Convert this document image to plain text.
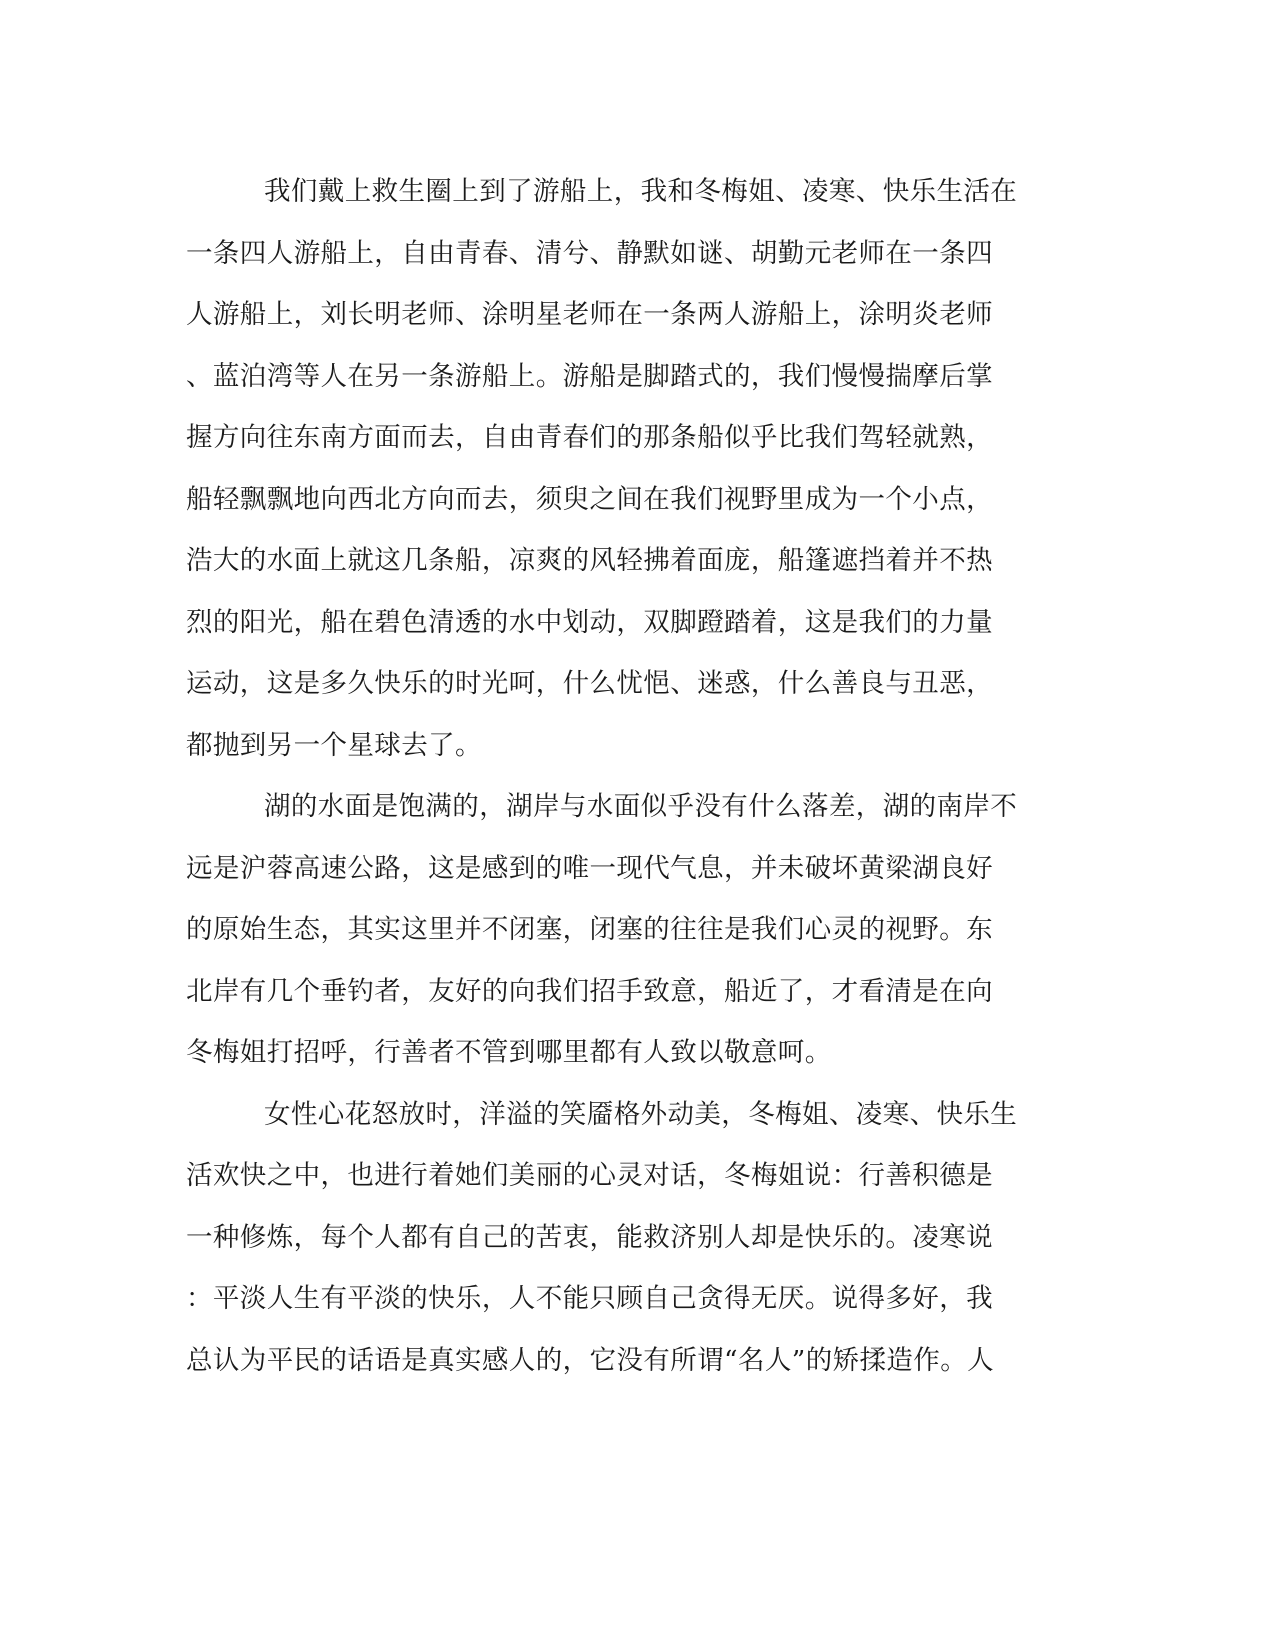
我们戴上救生圈上到了游船上，我和冬梅姐、凌寒、快乐生活在
一条四人游船上，自由青春、清兮、静默如谜、胡勤元老师在一条四
人游船上，刘长明老师、涂明星老师在一条两人游船上，涂明炎老师
、蓝泊湾等人在另一条游船上。游船是脚踏式的，我们慢慢揣摩后掌
握方向往东南方面而去，自由青春们的那条船似乎比我们驾轻就熟，
船轻飘飘地向西北方向而去，须臾之间在我们视野里成为一个小点，
浩大的水面上就这几条船，凉爽的风轻拂着面庞，船篷遮挡着并不热
烈的阳光，船在碧色清透的水中划动，双脚蹬踏着，这是我们的力量
运动，这是多久快乐的时光呵，什么忧悒、迷惑，什么善良与丑恶，
都抛到另一个星球去了。
湖的水面是饱满的，湖岸与水面似乎没有什么落差，湖的南岸不
远是沪蓉高速公路，这是感到的唯一现代气息，并未破坏黄梁湖良好
的原始生态，其实这里并不闭塞，闭塞的往往是我们心灵的视野。东
北岸有几个垂钓者，友好的向我们招手致意，船近了，才看清是在向
冬梅姐打招呼，行善者不管到哪里都有人致以敬意呵。
女性心花怒放时，洋溢的笑靥格外动美，冬梅姐、凌寒、快乐生
活欢快之中，也进行着她们美丽的心灵对话，冬梅姐说：行善积德是
一种修炼，每个人都有自己的苦衷，能救济别人却是快乐的。凌寒说
：平淡人生有平淡的快乐，人不能只顾自己贪得无厌。说得多好，我
总认为平民的话语是真实感人的，它没有所谓“名人”的矫揉造作。人
